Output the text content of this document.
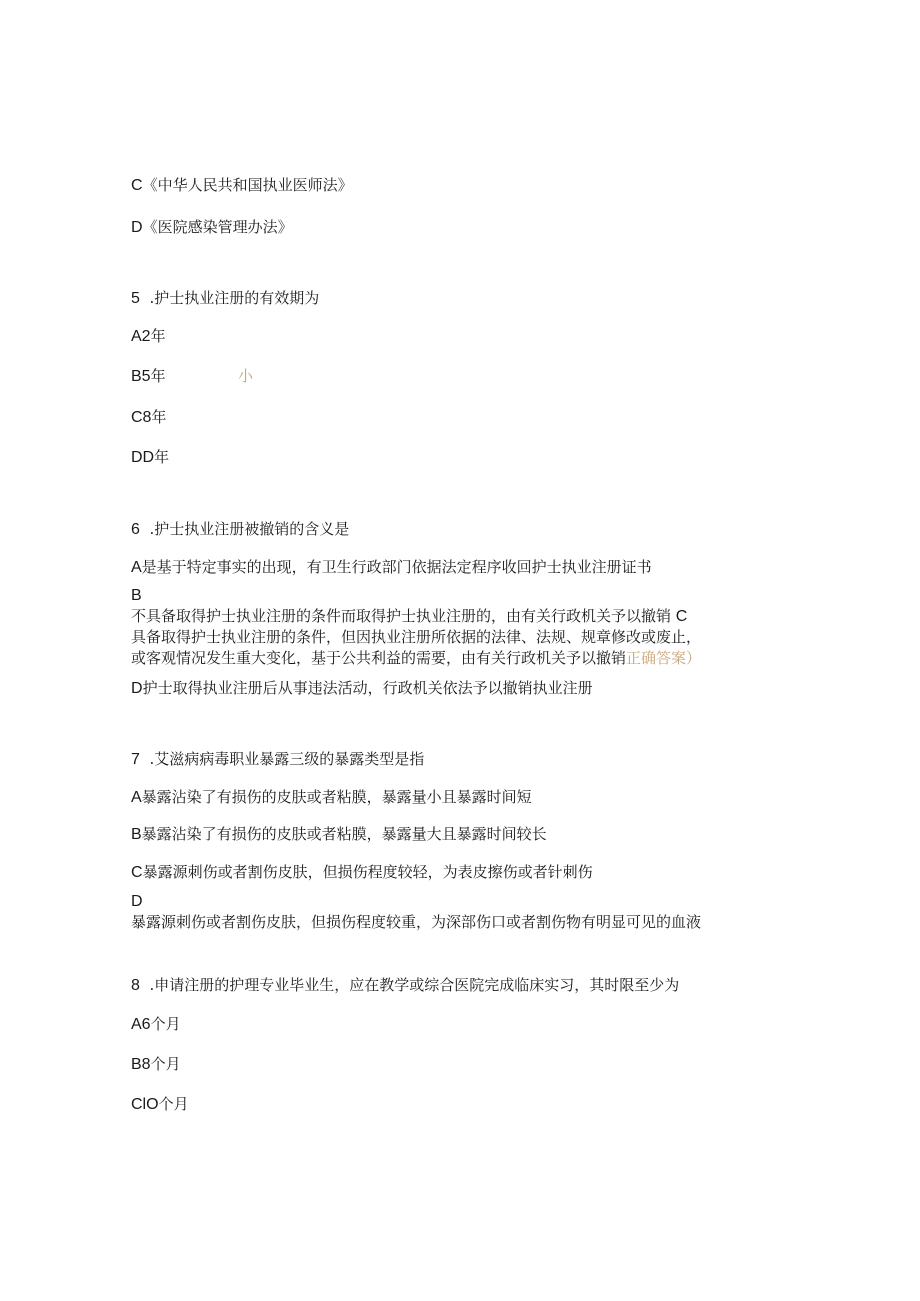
C《中华人民共和国执业医师法》
D《医院感染管理办法》
5 .护士执业注册的有效期为
A2年
B5年	小
C8年
DD年
6 .护士执业注册被撤销的含义是
A是基于特定事实的出现，有卫生行政部门依据法定程序收回护士执业注册证书
B
不具备取得护士执业注册的条件而取得护士执业注册的，由有关行政机关予以撤销 C
具备取得护士执业注册的条件，但因执业注册所依据的法律、法规、规章修改或废止，
或客观情况发生重大变化，基于公共利益的需要，由有关行政机关予以撤销正确答案）
D护士取得执业注册后从事违法活动，行政机关依法予以撤销执业注册
7 .艾滋病病毒职业暴露三级的暴露类型是指
A暴露沾染了有损伤的皮肤或者粘膜，暴露量小且暴露时间短
B暴露沾染了有损伤的皮肤或者粘膜，暴露量大且暴露时间较长
C暴露源刺伤或者割伤皮肤，但损伤程度较轻，为表皮擦伤或者针刺伤
D
暴露源刺伤或者割伤皮肤，但损伤程度较重，为深部伤口或者割伤物有明显可见的血液
8 .申请注册的护理专业毕业生，应在教学或综合医院完成临床实习，其时限至少为
A6个月
B8个月
ClO个月
